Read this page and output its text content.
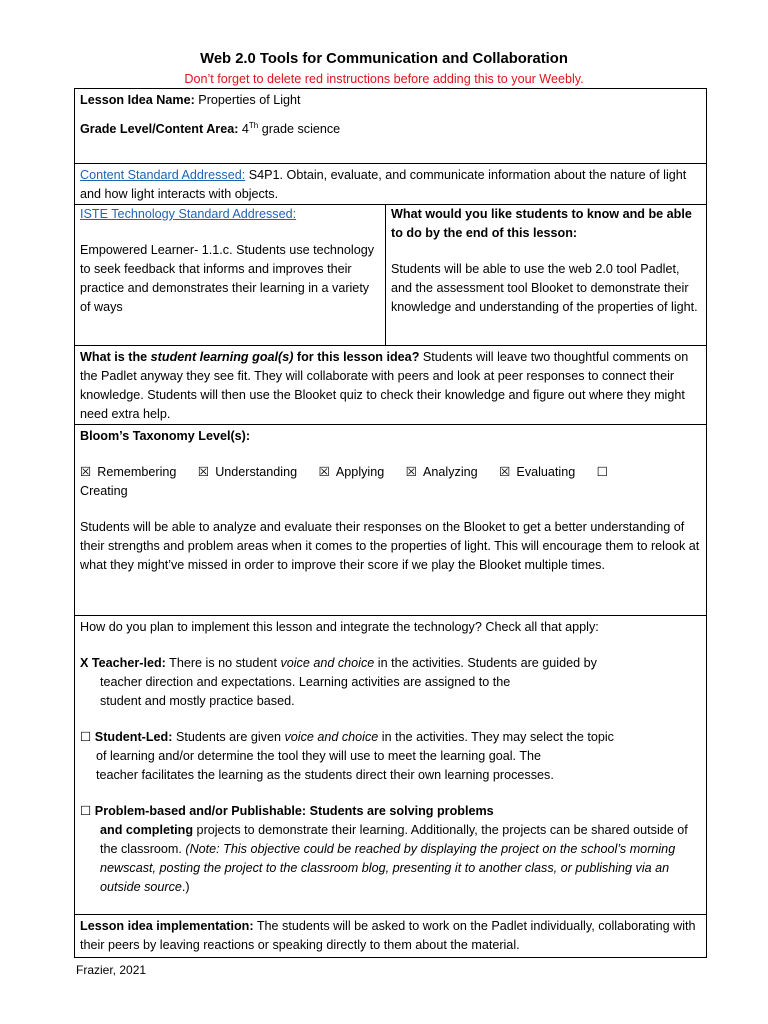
Web 2.0 Tools for Communication and Collaboration
Don’t forget to delete red instructions before adding this to your Weebly.

Lesson Idea Name: Properties of Light

Grade Level/Content Area: 4Th grade science

Content Standard Addressed: S4P1. Obtain, evaluate, and communicate information about the nature of light and how light interacts with objects.

ISTE Technology Standard Addressed:

Empowered Learner- 1.1.c. Students use technology to seek feedback that informs and improves their practice and demonstrates their learning in a variety of ways

What would you like students to know and be able to do by the end of this lesson:

Students will be able to use the web 2.0 tool Padlet, and the assessment tool Blooket to demonstrate their knowledge and understanding of the properties of light.

What is the student learning goal(s) for this lesson idea? Students will leave two thoughtful comments on the Padlet anyway they see fit. They will collaborate with peers and look at peer responses to connect their knowledge. Students will then use the Blooket quiz to check their knowledge and figure out where they might need extra help.

Bloom’s Taxonomy Level(s):

☒ Remembering ☒ Understanding ☒ Applying ☒ Analyzing ☒ Evaluating ☐
Creating

Students will be able to analyze and evaluate their responses on the Blooket to get a better understanding of their strengths and problem areas when it comes to the properties of light. This will encourage them to relook at what they might’ve missed in order to improve their score if we play the Blooket multiple times.

How do you plan to implement this lesson and integrate the technology? Check all that apply:

X Teacher-led: There is no student voice and choice in the activities. Students are guided by

teacher direction and expectations. Learning activities are assigned to the

student and mostly practice based.

☐ Student-Led: Students are given voice and choice in the activities. They may select the topic

of learning and/or determine the tool they will use to meet the learning goal. The

teacher facilitates the learning as the students direct their own learning processes.

☐ Problem-based and/or Publishable: Students are solving problems

and completing projects to demonstrate their learning. Additionally, the projects can be shared outside of the classroom. (Note: This objective could be reached by displaying the project on the school’s morning newscast, posting the project to the classroom blog, presenting it to another class, or publishing via an outside source.)

Lesson idea implementation: The students will be asked to work on the Padlet individually, collaborating with their peers by leaving reactions or speaking directly to them about the material.
Frazier, 2021
